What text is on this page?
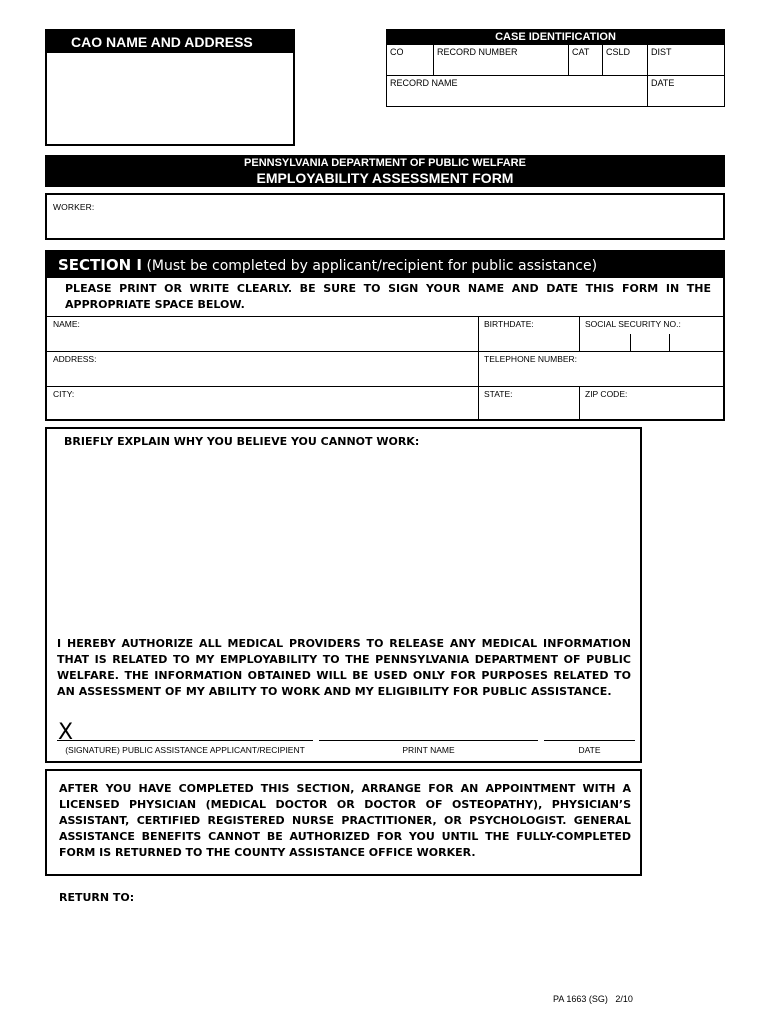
CAO NAME AND ADDRESS	CASE IDENTIFICATION
CO	RECORD NUMBER	CAT	CSLD	DIST
RECORD NAME	DATE
PENNSYLVANIA DEPARTMENT OF PUBLIC WELFARE
EMPLOYABILITY ASSESSMENT FORM
WORKER:
SECTION I (Must be completed by applicant/recipient for public assistance)
PLEASE PRINT OR WRITE CLEARLY. BE SURE TO SIGN YOUR NAME AND DATE THIS FORM IN THE APPROPRIATE SPACE BELOW.
NAME:	BIRTHDATE:	SOCIAL SECURITY NO.:
ADDRESS:	TELEPHONE NUMBER:
CITY:	STATE:	ZIP CODE:
BRIEFLY EXPLAIN WHY YOU BELIEVE YOU CANNOT WORK:
I HEREBY AUTHORIZE ALL MEDICAL PROVIDERS TO RELEASE ANY MEDICAL INFORMATION THAT IS RELATED TO MY EMPLOYABILITY TO THE PENNSYLVANIA DEPARTMENT OF PUBLIC WELFARE. THE INFORMATION OBTAINED WILL BE USED ONLY FOR PURPOSES RELATED TO AN ASSESSMENT OF MY ABILITY TO WORK AND MY ELIGIBILITY FOR PUBLIC ASSISTANCE.
X
(SIGNATURE) PUBLIC ASSISTANCE APPLICANT/RECIPIENT	PRINT NAME	DATE
AFTER YOU HAVE COMPLETED THIS SECTION, ARRANGE FOR AN APPOINTMENT WITH A LICENSED PHYSICIAN (MEDICAL DOCTOR OR DOCTOR OF OSTEOPATHY), PHYSICIAN’S ASSISTANT, CERTIFIED REGISTERED NURSE PRACTITIONER, OR PSYCHOLOGIST. GENERAL ASSISTANCE BENEFITS CANNOT BE AUTHORIZED FOR YOU UNTIL THE FULLY-COMPLETED FORM IS RETURNED TO THE COUNTY ASSISTANCE OFFICE WORKER.
RETURN TO:
PA 1663 (SG)   2/10
